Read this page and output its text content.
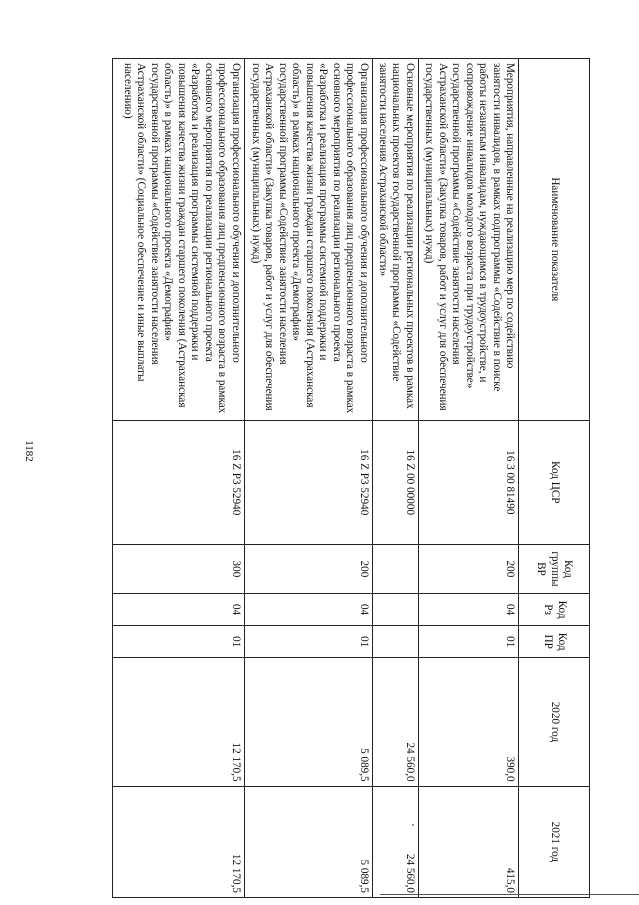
1182
Наименование показателя	Код ЦСР	Код группы ВР	Код Рз	Код ПР	2020 год	2021 год
Мероприятия, направленные на реализацию мер по содействию занятости инвалидов, в рамках подпрограммы «Содействие в поиске работы незанятым инвалидам, нуждающимся в трудоустройстве, и сопровождение инвалидов молодого возраста при трудоустройстве» государственной программы «Содействие занятости населения Астраханской области» (Закупка товаров, работ и услуг для обеспечения государственных (муниципальных) нужд)	16 3 00 81490	200	04	01	390,0	415,0
Основные мероприятия по реализации региональных проектов в рамках национальных проектов государственной программы «Содействие занятости населения Астраханской области»	16 Z 00 00000				24 560,0	24 560,0
Организация профессионального обучения и дополнительного профессионального образования лиц предпенсионного возраста в рамках основного мероприятия по реализации регионального проекта «Разработка и реализация программы системной поддержки и повышения качества жизни граждан старшего поколения (Астраханская область)» в рамках национального проекта «Демография» государственной программы «Содействие занятости населения Астраханской области» (Закупка товаров, работ и услуг для обеспечения государственных (муниципальных) нужд)	16 Z P3 52940	200	04	01	5 089,5	5 089,5
Организация профессионального обучения и дополнительного профессионального образования лиц предпенсионного возраста в рамках основного мероприятия по реализации регионального проекта «Разработка и реализация программы системной поддержки и повышения качества жизни граждан старшего поколения (Астраханская область)» в рамках национального проекта «Демография» государственной программы «Содействие занятости населения Астраханской области» (Социальное обеспечение и иные выплаты населению)	16 Z P3 52940	300	04	01	12 170,5	12 170,5
